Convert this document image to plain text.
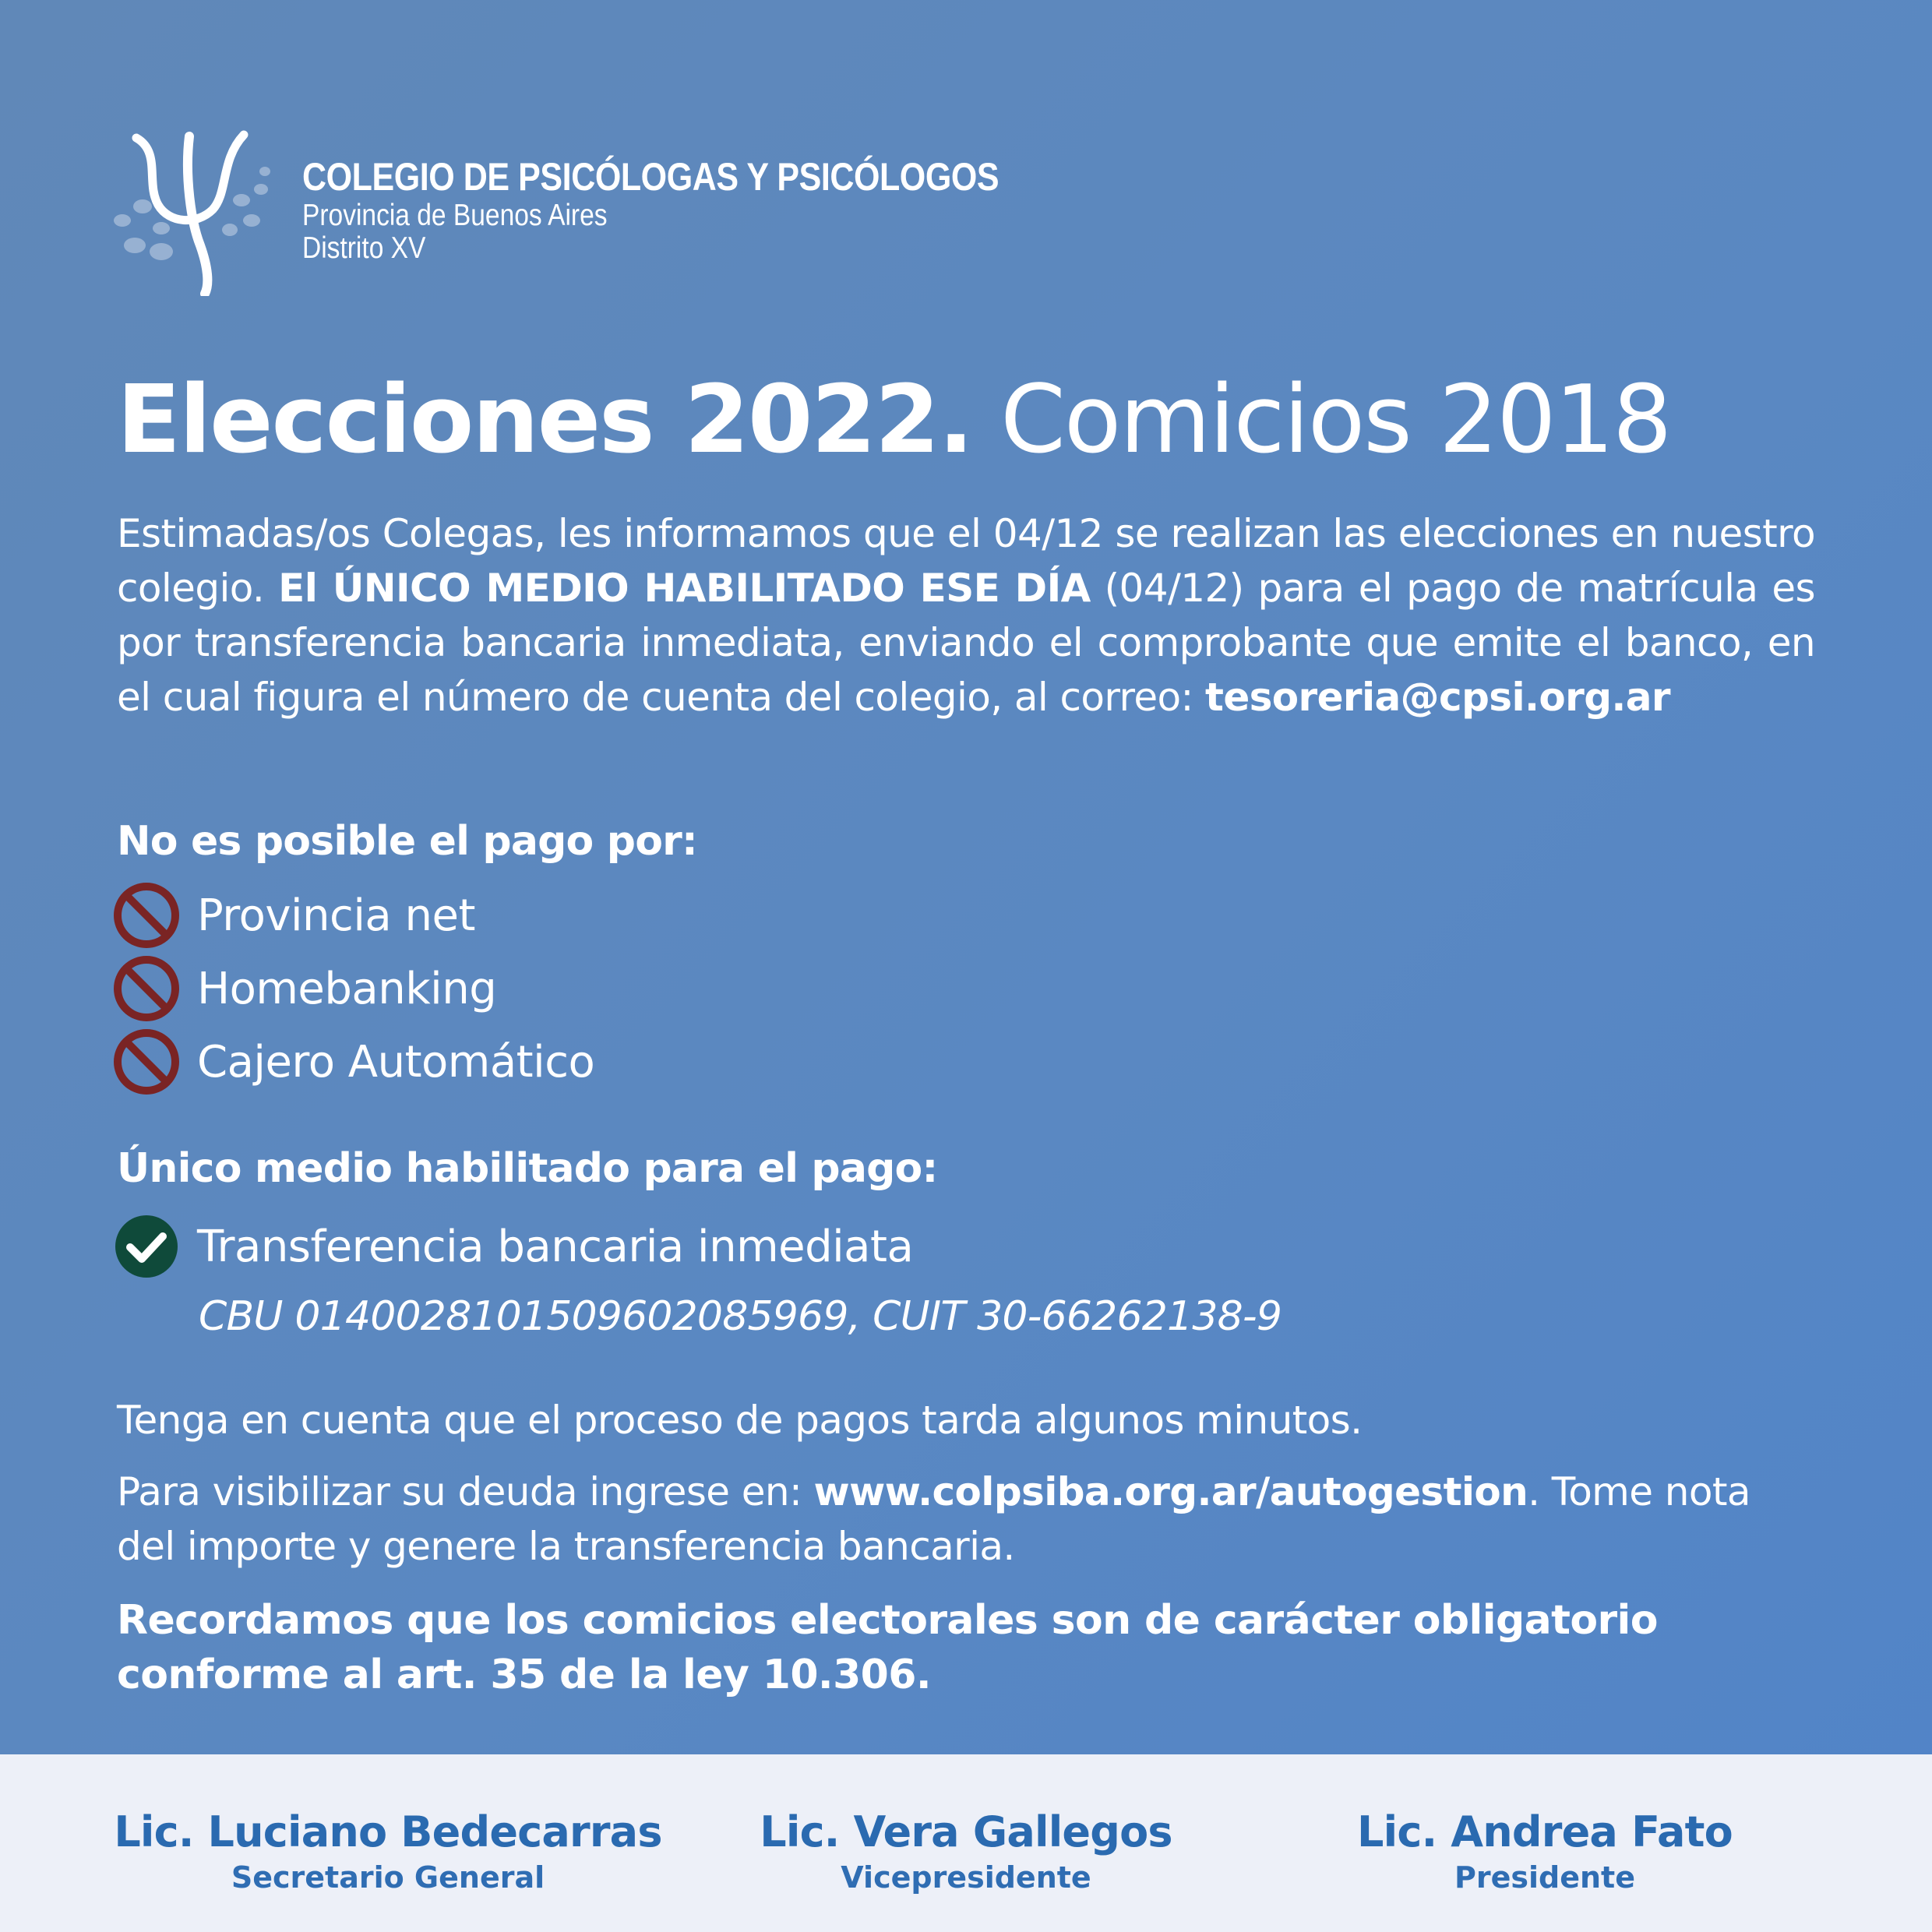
COLEGIO DE PSICÓLOGAS Y PSICÓLOGOS
Provincia de Buenos Aires
Distrito XV
Elecciones 2022. Comicios 2018
Estimadas/os Colegas, les informamos que el 04/12 se realizan las elecciones en nuestro colegio. El ÚNICO MEDIO HABILITADO ESE DÍA (04/12) para el pago de matrícula es por transferencia bancaria inmediata, enviando el comprobante que emite el banco, en el cual figura el número de cuenta del colegio, al correo: tesoreria@cpsi.org.ar
No es posible el pago por:
Provincia net
Homebanking
Cajero Automático
Único medio habilitado para el pago:
Transferencia bancaria inmediata
CBU 0140028101509602085969, CUIT 30-66262138-9
Tenga en cuenta que el proceso de pagos tarda algunos minutos.
Para visibilizar su deuda ingrese en: www.colpsiba.org.ar/autogestion. Tome nota del importe y genere la transferencia bancaria.
Recordamos que los comicios electorales son de carácter obligatorio conforme al art. 35 de la ley 10.306.
Lic. Luciano Bedecarras
Secretario General
Lic. Vera Gallegos
Vicepresidente
Lic. Andrea Fato
Presidente
